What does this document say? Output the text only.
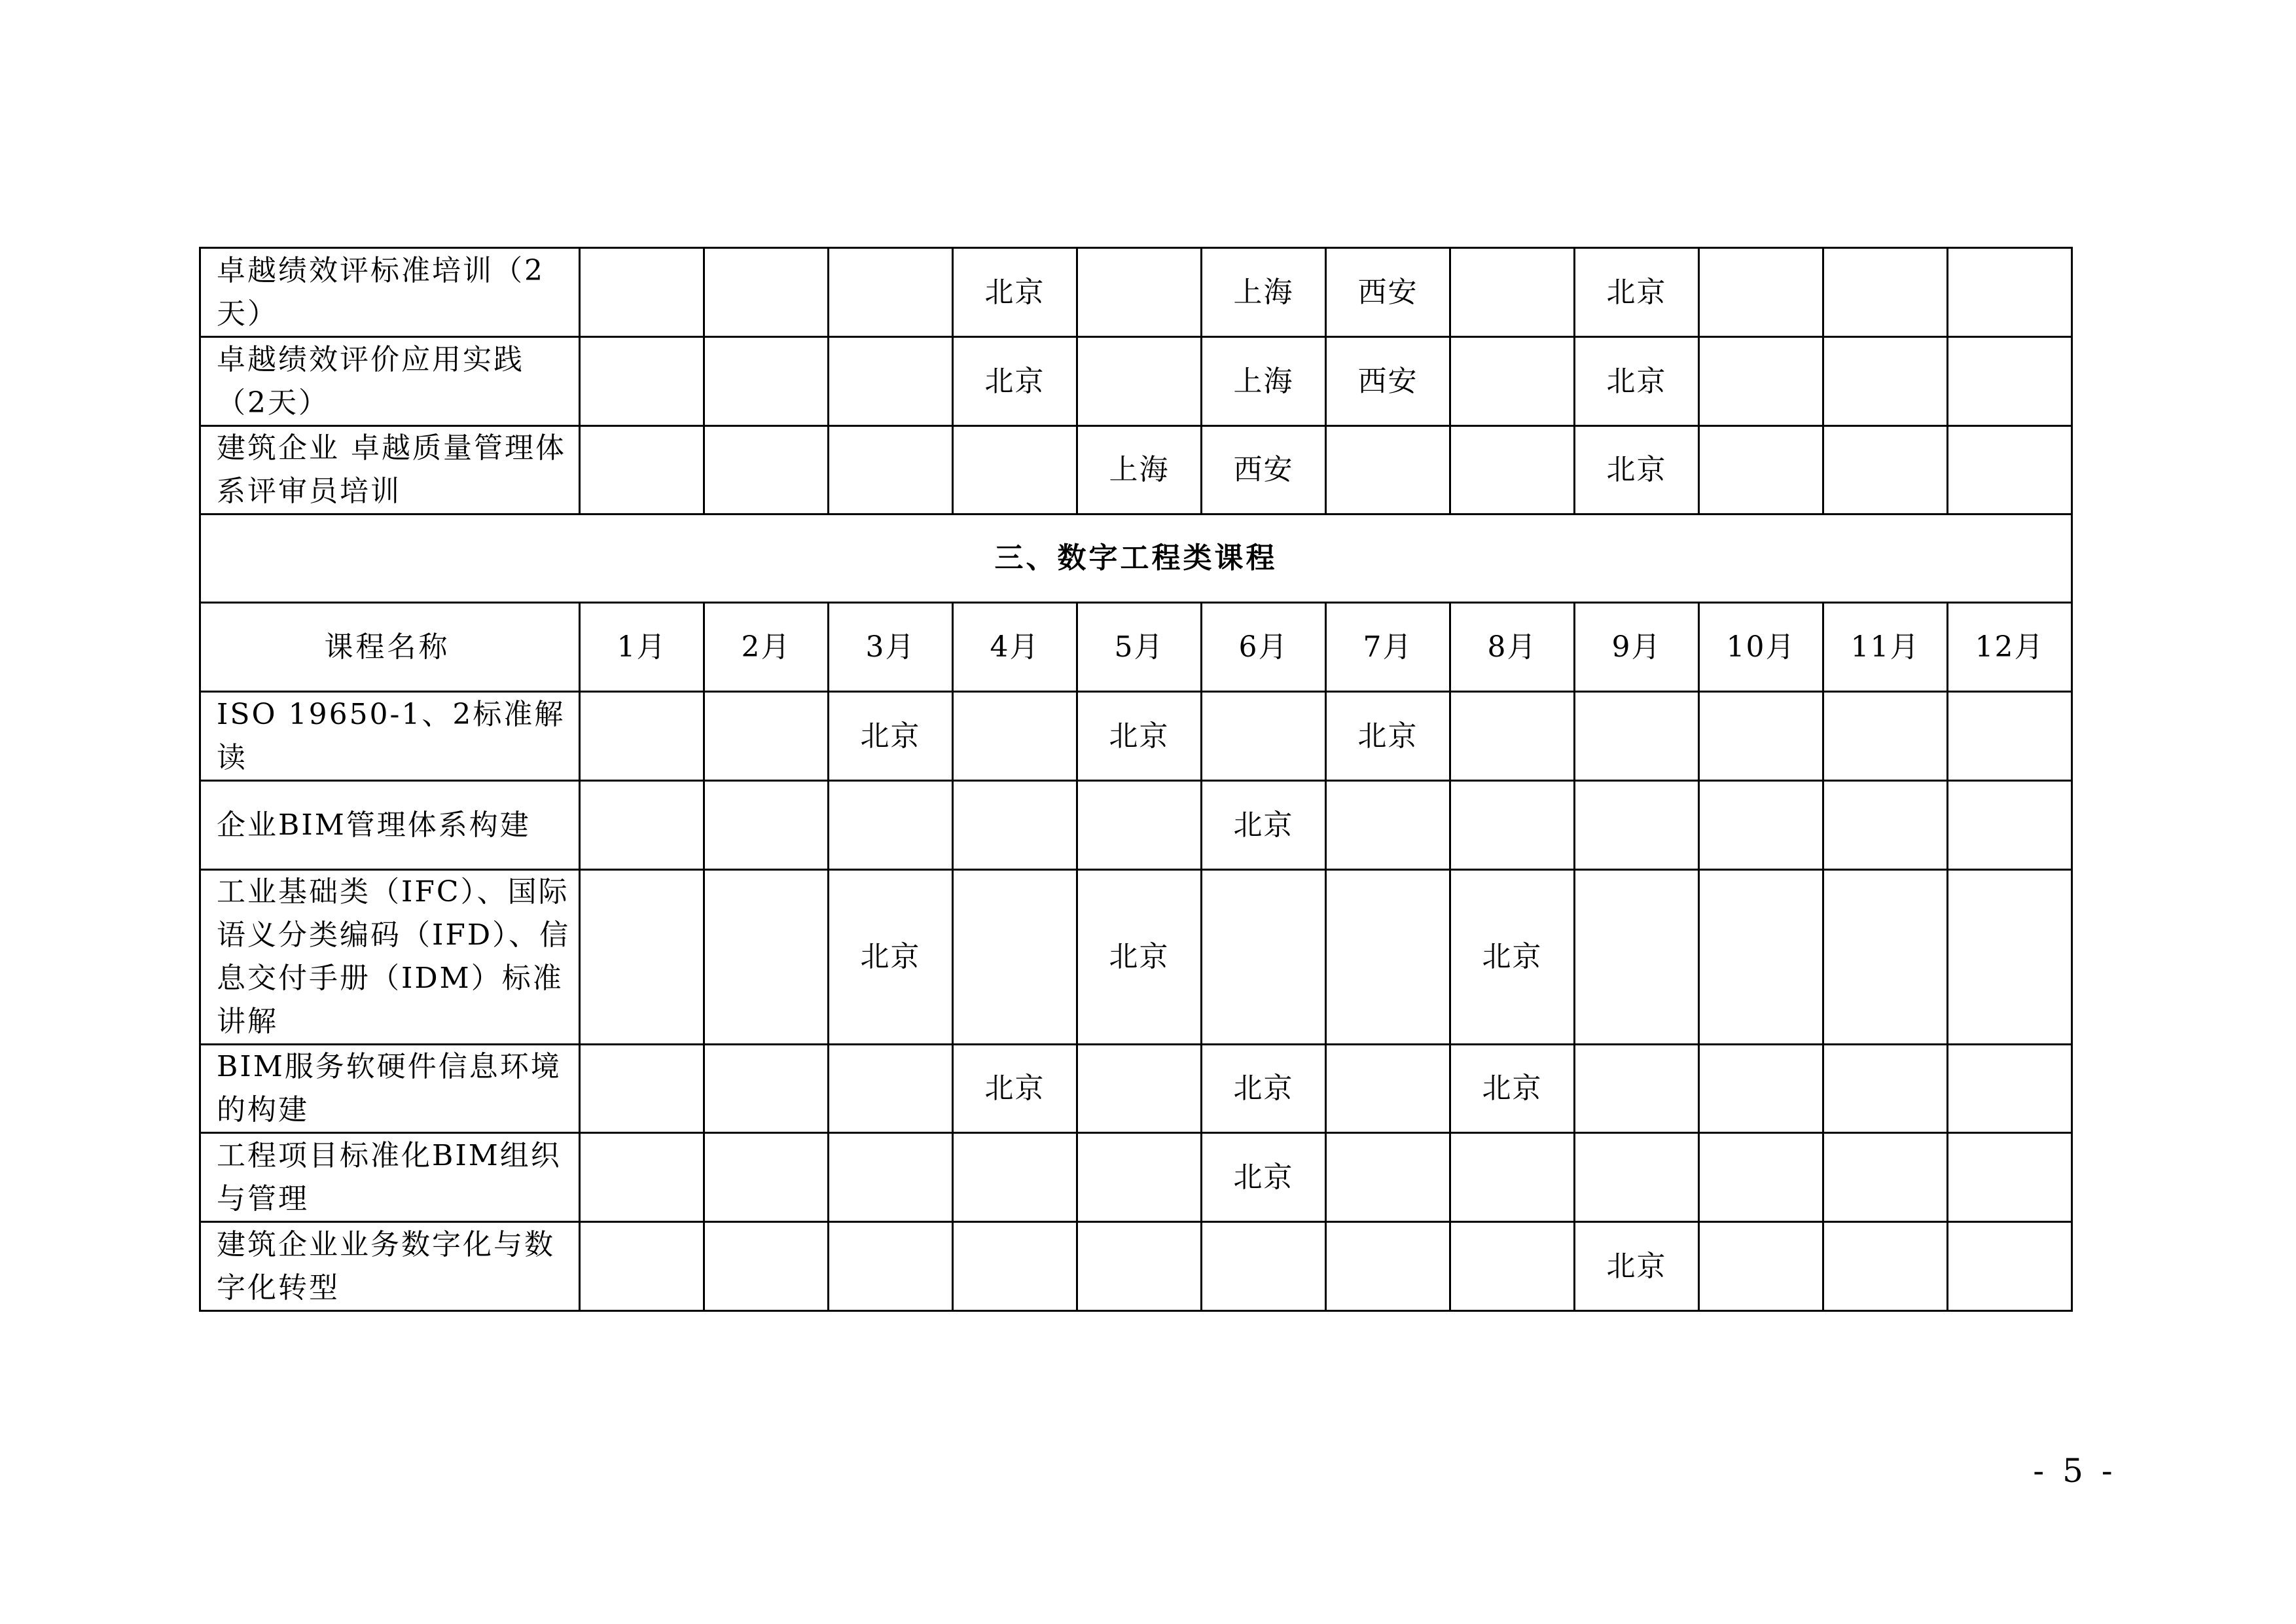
卓越绩效评标准培训（2天）				北京		上海	西安		北京			
卓越绩效评价应用实践（2天）				北京		上海	西安		北京			
建筑企业 卓越质量管理体系评审员培训					上海	西安			北京			
三、数字工程类课程												
课程名称	1月	2月	3月	4月	5月	6月	7月	8月	9月	10月	11月	12月
ISO 19650-1、2标准解读			北京		北京		北京					
企业BIM管理体系构建						北京						
工业基础类（IFC）、国际语义分类编码（IFD）、信息交付手册（IDM）标准讲解			北京		北京			北京				
BIM服务软硬件信息环境的构建				北京		北京		北京				
工程项目标准化BIM组织与管理						北京						
建筑企业业务数字化与数字化转型									北京			
- 5 -
